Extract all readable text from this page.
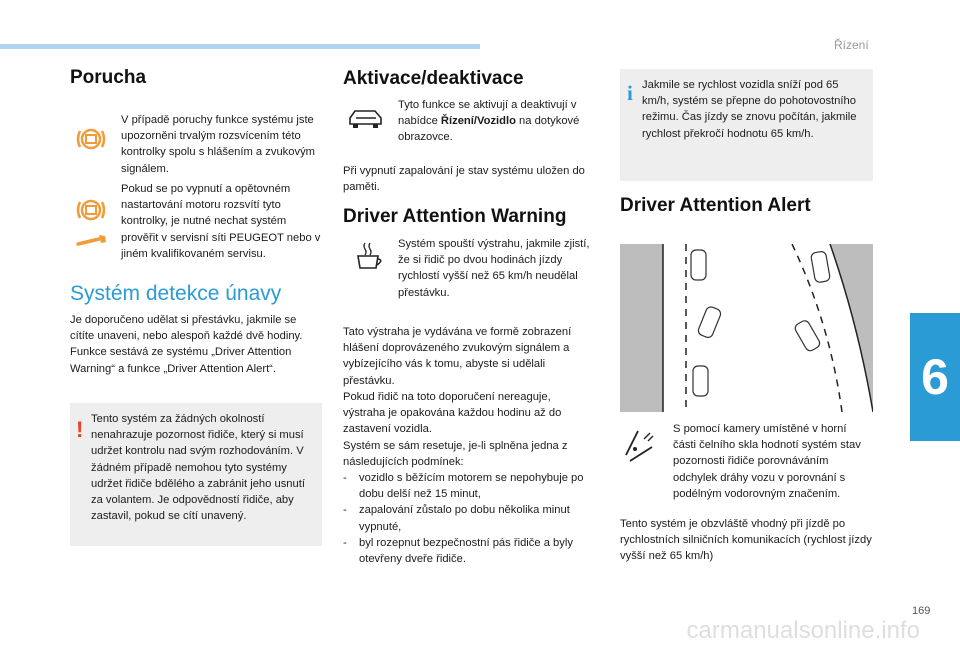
Řízení
6
169
carmanualsonline.info
Porucha
V případě poruchy funkce systému jste upozorněni trvalým rozsvícením této kontrolky spolu s hlášením a zvukovým signálem.
Pokud se po vypnutí a opětovném nastartování motoru rozsvítí tyto kontrolky, je nutné nechat systém prověřit v servisní síti PEUGEOT nebo v jiném kvalifikovaném servisu.
Systém detekce únavy
Je doporučeno udělat si přestávku, jakmile se cítíte unaveni, nebo alespoň každé dvě hodiny. Funkce sestává ze systému „Driver Attention Warning“ a funkce „Driver Attention Alert“.
! Tento systém za žádných okolností nenahrazuje pozornost řidiče, který si musí udržet kontrolu nad svým rozhodováním. V žádném případě nemohou tyto systémy udržet řidiče bdělého a zabránit jeho usnutí za volantem. Je odpovědností řidiče, aby zastavil, pokud se cítí unavený.
Aktivace/deaktivace
Tyto funkce se aktivují a deaktivují v nabídce Řízení/Vozidlo na dotykové obrazovce.
Při vypnutí zapalování je stav systému uložen do paměti.
Driver Attention Warning
Systém spouští výstrahu, jakmile zjistí, že si řidič po dvou hodinách jízdy rychlostí vyšší než 65 km/h neudělal přestávku.
Tato výstraha je vydávána ve formě zobrazení hlášení doprovázeného zvukovým signálem a vybízejícího vás k tomu, abyste si udělali přestávku.
Pokud řidič na toto doporučení nereaguje, výstraha je opakována každou hodinu až do zastavení vozidla.
Systém se sám resetuje, je-li splněna jedna z následujících podmínek:
-	vozidlo s běžícím motorem se nepohybuje po dobu delší než 15 minut,
-	zapalování zůstalo po dobu několika minut vypnuté,
-	byl rozepnut bezpečnostní pás řidiče a byly otevřeny dveře řidiče.
i Jakmile se rychlost vozidla sníží pod 65 km/h, systém se přepne do pohotovostního režimu. Čas jízdy se znovu počítán, jakmile rychlost překročí hodnotu 65 km/h.
Driver Attention Alert
S pomocí kamery umístěné v horní části čelního skla hodnotí systém stav pozornosti řidiče porovnáváním odchylek dráhy vozu v porovnání s podélným vodorovným značením.
Tento systém je obzvláště vhodný při jízdě po rychlostních silničních komunikacích (rychlost jízdy vyšší než 65 km/h)
